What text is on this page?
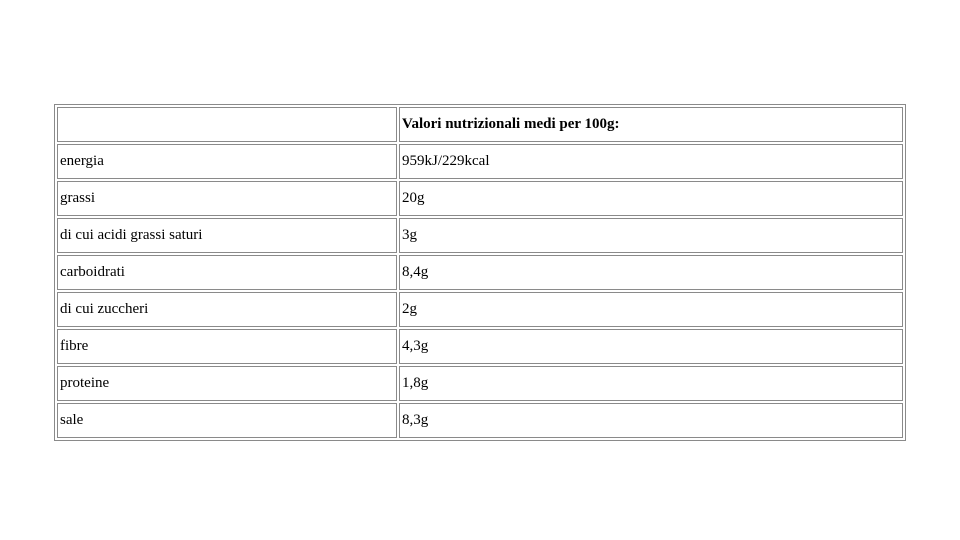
	Valori nutrizionali medi per 100g:
energia	959kJ/229kcal
grassi	20g
di cui acidi grassi saturi	3g
carboidrati	8,4g
di cui zuccheri	2g
fibre	4,3g
proteine	1,8g
sale	8,3g
